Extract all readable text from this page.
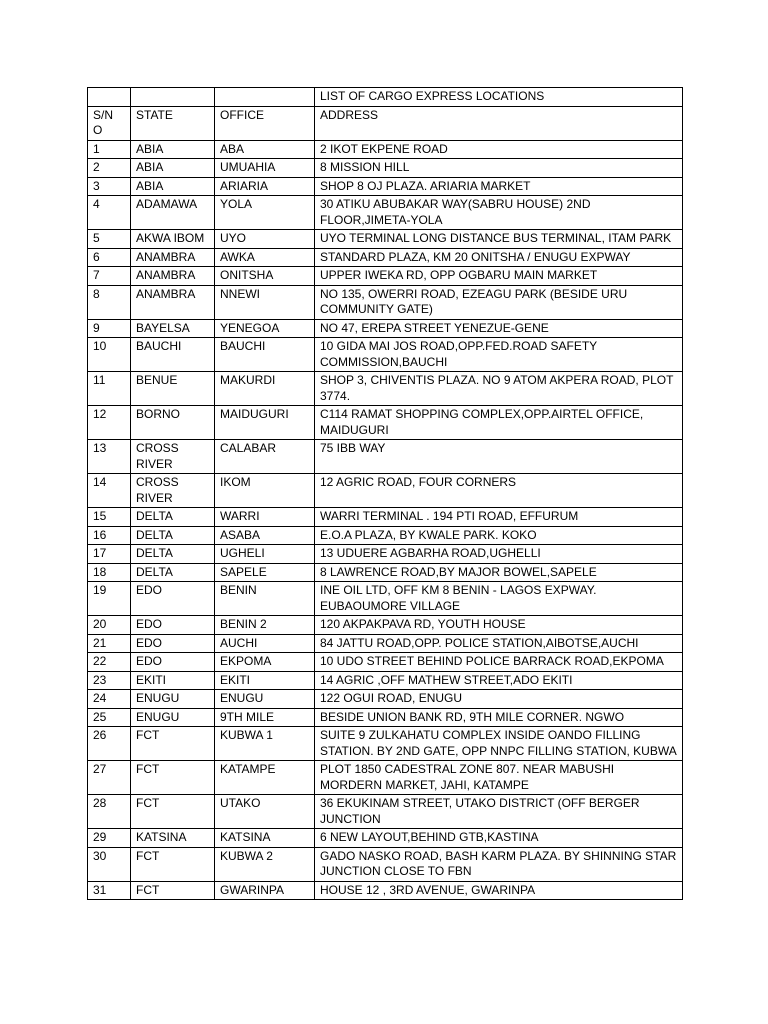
			LIST OF CARGO EXPRESS LOCATIONS
S/N O	STATE	OFFICE	ADDRESS
1	ABIA	ABA	2 IKOT EKPENE ROAD
2	ABIA	UMUAHIA	8 MISSION HILL
3	ABIA	ARIARIA	SHOP 8 OJ PLAZA. ARIARIA MARKET
4	ADAMAWA	YOLA	30 ATIKU ABUBAKAR WAY(SABRU HOUSE) 2ND FLOOR,JIMETA-YOLA
5	AKWA IBOM	UYO	UYO TERMINAL LONG DISTANCE BUS TERMINAL, ITAM PARK
6	ANAMBRA	AWKA	STANDARD PLAZA, KM 20 ONITSHA / ENUGU EXPWAY
7	ANAMBRA	ONITSHA	UPPER IWEKA RD, OPP OGBARU MAIN MARKET
8	ANAMBRA	NNEWI	NO 135, OWERRI ROAD, EZEAGU PARK (BESIDE URU COMMUNITY GATE)
9	BAYELSA	YENEGOA	NO 47, EREPA STREET YENEZUE-GENE
10	BAUCHI	BAUCHI	10 GIDA MAI JOS ROAD,OPP.FED.ROAD SAFETY COMMISSION,BAUCHI
11	BENUE	MAKURDI	SHOP 3, CHIVENTIS PLAZA. NO 9 ATOM AKPERA ROAD, PLOT 3774.
12	BORNO	MAIDUGURI	C114 RAMAT SHOPPING COMPLEX,OPP.AIRTEL OFFICE, MAIDUGURI
13	CROSS RIVER	CALABAR	75 IBB WAY
14	CROSS RIVER	IKOM	12 AGRIC ROAD, FOUR CORNERS
15	DELTA	WARRI	WARRI TERMINAL . 194 PTI ROAD, EFFURUM
16	DELTA	ASABA	E.O.A PLAZA, BY KWALE PARK. KOKO
17	DELTA	UGHELI	13 UDUERE AGBARHA ROAD,UGHELLI
18	DELTA	SAPELE	8 LAWRENCE ROAD,BY MAJOR BOWEL,SAPELE
19	EDO	BENIN	INE OIL LTD, OFF KM 8 BENIN - LAGOS EXPWAY. EUBAOUMORE VILLAGE
20	EDO	BENIN 2	120 AKPAKPAVA RD, YOUTH HOUSE
21	EDO	AUCHI	84 JATTU ROAD,OPP. POLICE STATION,AIBOTSE,AUCHI
22	EDO	EKPOMA	10 UDO STREET BEHIND POLICE BARRACK ROAD,EKPOMA
23	EKITI	EKITI	14 AGRIC ,OFF MATHEW STREET,ADO EKITI
24	ENUGU	ENUGU	122 OGUI ROAD, ENUGU
25	ENUGU	9TH MILE	BESIDE UNION BANK RD, 9TH MILE CORNER. NGWO
26	FCT	KUBWA 1	SUITE 9 ZULKAHATU COMPLEX INSIDE OANDO FILLING STATION. BY 2ND GATE, OPP NNPC FILLING STATION, KUBWA
27	FCT	KATAMPE	PLOT 1850 CADESTRAL ZONE 807. NEAR MABUSHI MORDERN MARKET, JAHI, KATAMPE
28	FCT	UTAKO	36 EKUKINAM STREET, UTAKO DISTRICT (OFF BERGER JUNCTION
29	KATSINA	KATSINA	6 NEW LAYOUT,BEHIND GTB,KASTINA
30	FCT	KUBWA 2	GADO NASKO ROAD, BASH KARM PLAZA. BY SHINNING STAR JUNCTION CLOSE TO FBN
31	FCT	GWARINPA	HOUSE 12 , 3RD AVENUE, GWARINPA
